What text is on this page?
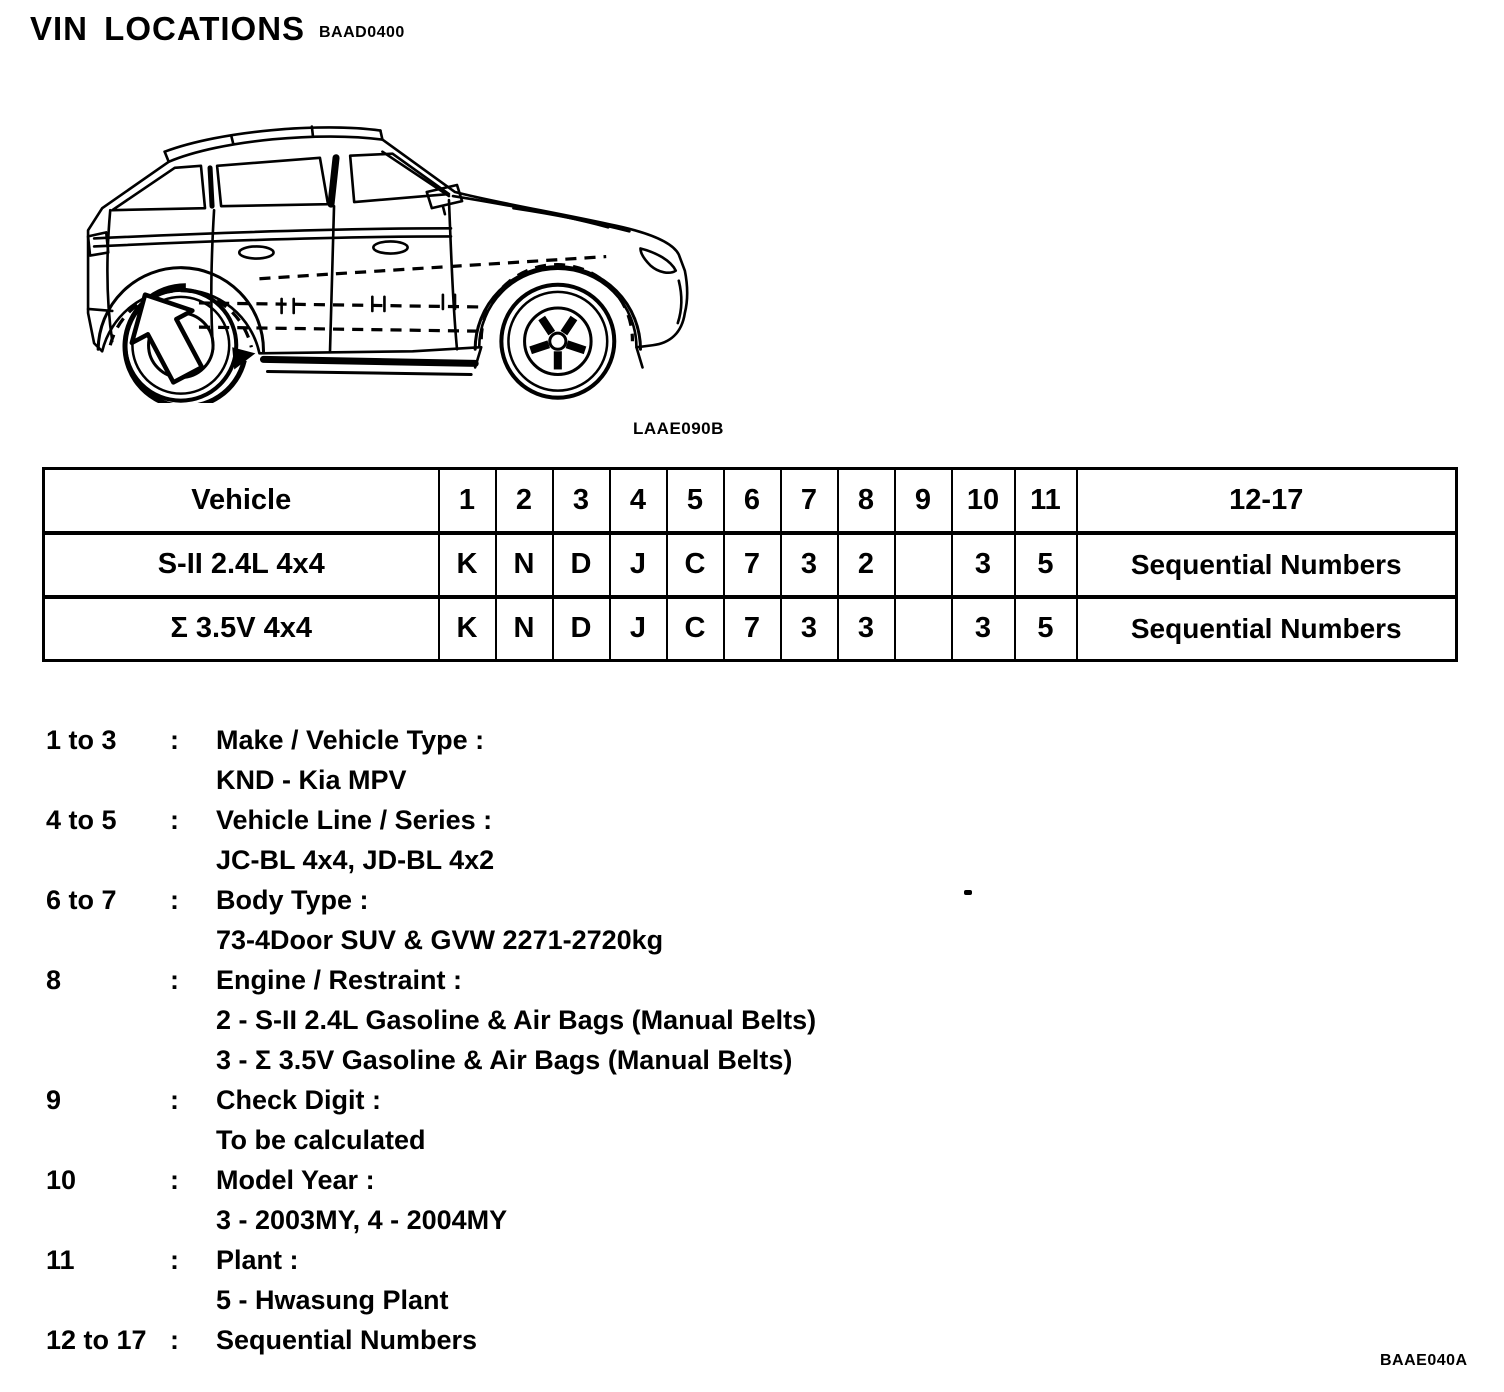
VIN LOCATIONS BAAD0400
LAAE090B
Vehicle	1	2	3	4	5	6	7	8	9	10	11	12-17
S-II 2.4L 4x4	K	N	D	J	C	7	3	2		3	5	Sequential Numbers
Σ 3.5V 4x4	K	N	D	J	C	7	3	3		3	5	Sequential Numbers
1 to 3	:	Make / Vehicle Type :
KND - Kia MPV
4 to 5	:	Vehicle Line / Series :
JC-BL 4x4, JD-BL 4x2
6 to 7	:	Body Type :
73-4Door SUV & GVW 2271-2720kg
8	:	Engine / Restraint :
2 - S-II 2.4L Gasoline & Air Bags (Manual Belts)
3 - Σ 3.5V Gasoline & Air Bags (Manual Belts)
9	:	Check Digit :
To be calculated
10	:	Model Year :
3 - 2003MY, 4 - 2004MY
11	:	Plant :
5 - Hwasung Plant
12 to 17 :	Sequential Numbers
BAAE040A
